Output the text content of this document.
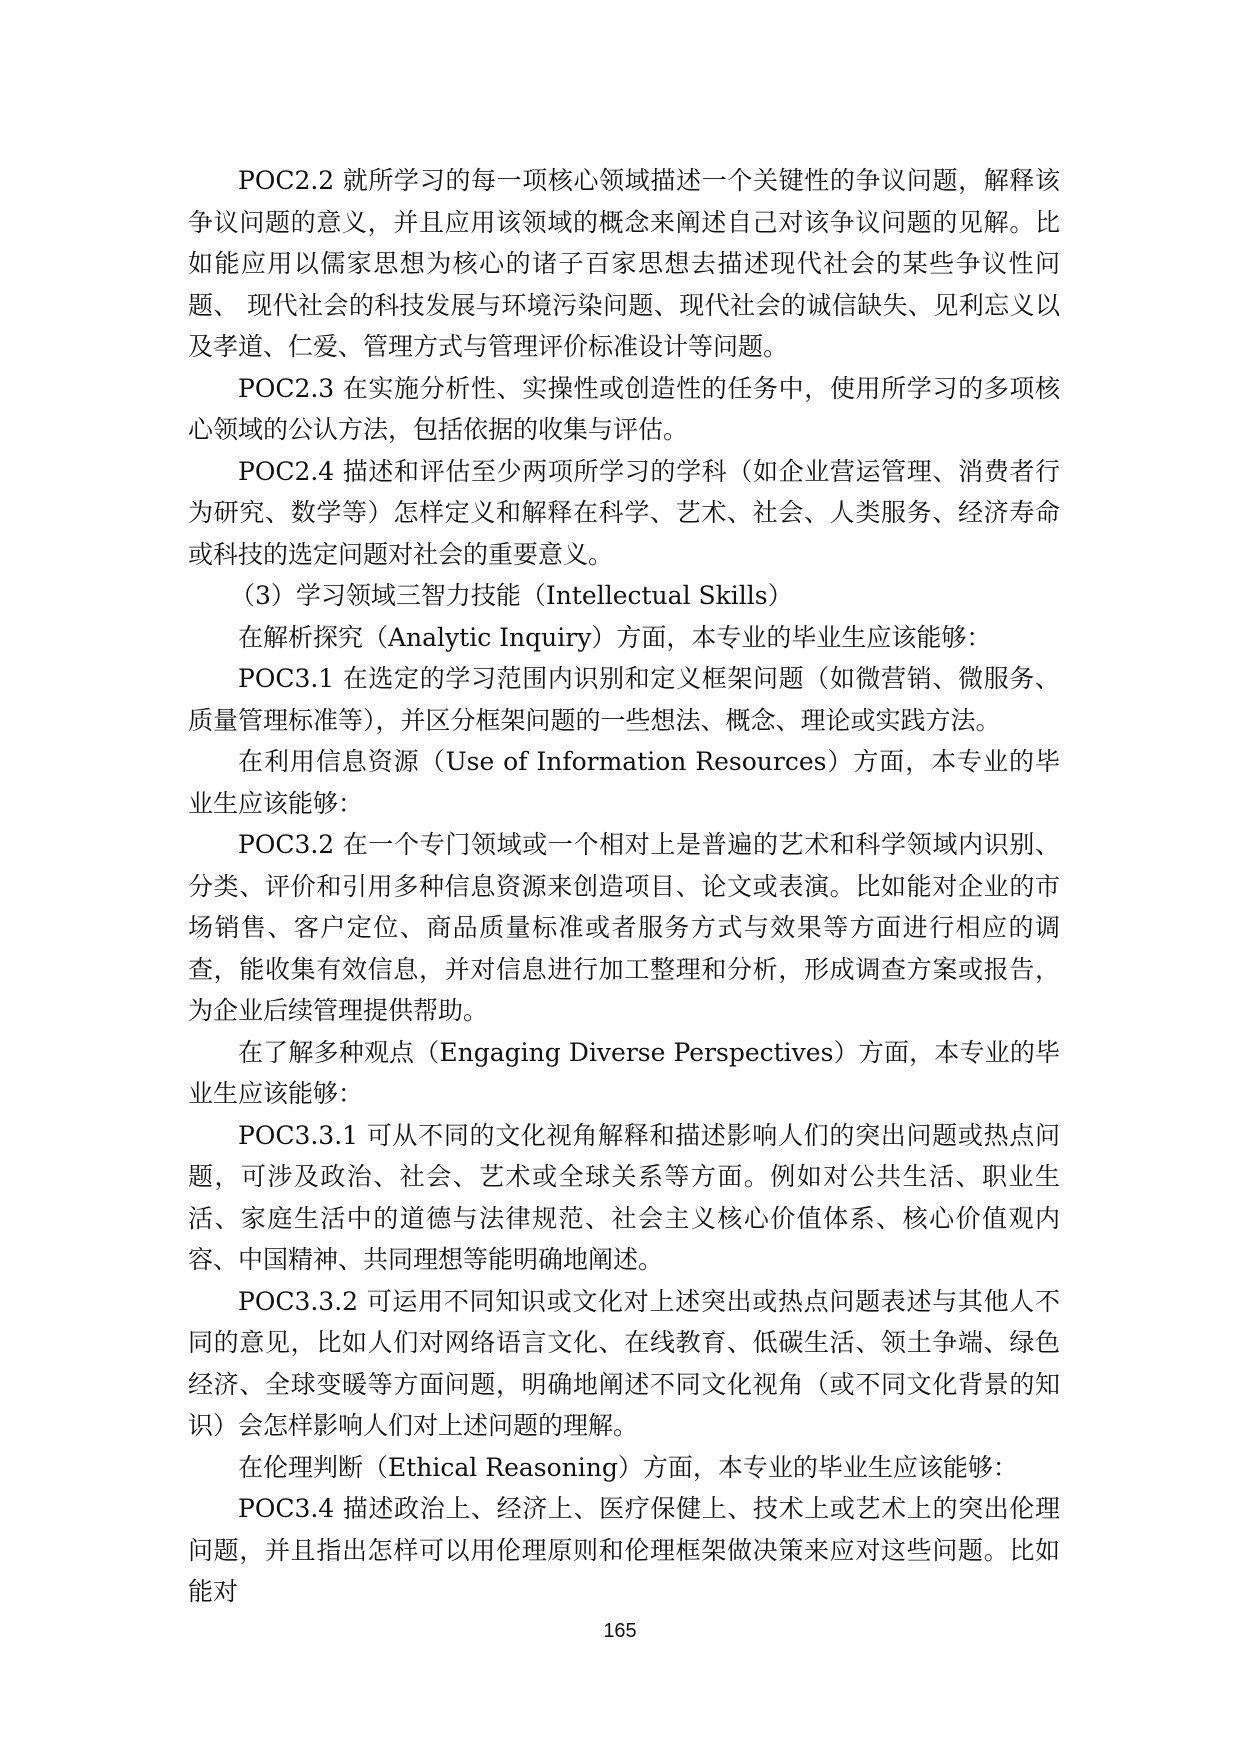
POC2.2 就所学习的每一项核心领域描述一个关键性的争议问题，解释该争议问题的意义，并且应用该领域的概念来阐述自己对该争议问题的见解。比如能应用以儒家思想为核心的诸子百家思想去描述现代社会的某些争议性问题、 现代社会的科技发展与环境污染问题、现代社会的诚信缺失、见利忘义以及孝道、仁爱、管理方式与管理评价标准设计等问题。

POC2.3 在实施分析性、实操性或创造性的任务中，使用所学习的多项核心领域的公认方法，包括依据的收集与评估。

POC2.4 描述和评估至少两项所学习的学科（如企业营运管理、消费者行为研究、数学等）怎样定义和解释在科学、艺术、社会、人类服务、经济寿命或科技的选定问题对社会的重要意义。

（3）学习领域三智力技能（Intellectual Skills）

在解析探究（Analytic Inquiry）方面，本专业的毕业生应该能够：

POC3.1 在选定的学习范围内识别和定义框架问题（如微营销、微服务、质量管理标准等），并区分框架问题的一些想法、概念、理论或实践方法。

在利用信息资源（Use of Information Resources）方面，本专业的毕业生应该能够：

POC3.2 在一个专门领域或一个相对上是普遍的艺术和科学领域内识别、分类、评价和引用多种信息资源来创造项目、论文或表演。比如能对企业的市场销售、客户定位、商品质量标准或者服务方式与效果等方面进行相应的调查，能收集有效信息，并对信息进行加工整理和分析，形成调查方案或报告，为企业后续管理提供帮助。

在了解多种观点（Engaging Diverse Perspectives）方面，本专业的毕业生应该能够：

POC3.3.1 可从不同的文化视角解释和描述影响人们的突出问题或热点问题，可涉及政治、社会、艺术或全球关系等方面。例如对公共生活、职业生活、家庭生活中的道德与法律规范、社会主义核心价值体系、核心价值观内容、中国精神、共同理想等能明确地阐述。

POC3.3.2 可运用不同知识或文化对上述突出或热点问题表述与其他人不同的意见，比如人们对网络语言文化、在线教育、低碳生活、领土争端、绿色经济、全球变暖等方面问题，明确地阐述不同文化视角（或不同文化背景的知识）会怎样影响人们对上述问题的理解。

在伦理判断（Ethical Reasoning）方面，本专业的毕业生应该能够：

POC3.4 描述政治上、经济上、医疗保健上、技术上或艺术上的突出伦理问题，并且指出怎样可以用伦理原则和伦理框架做决策来应对这些问题。比如能对

165
